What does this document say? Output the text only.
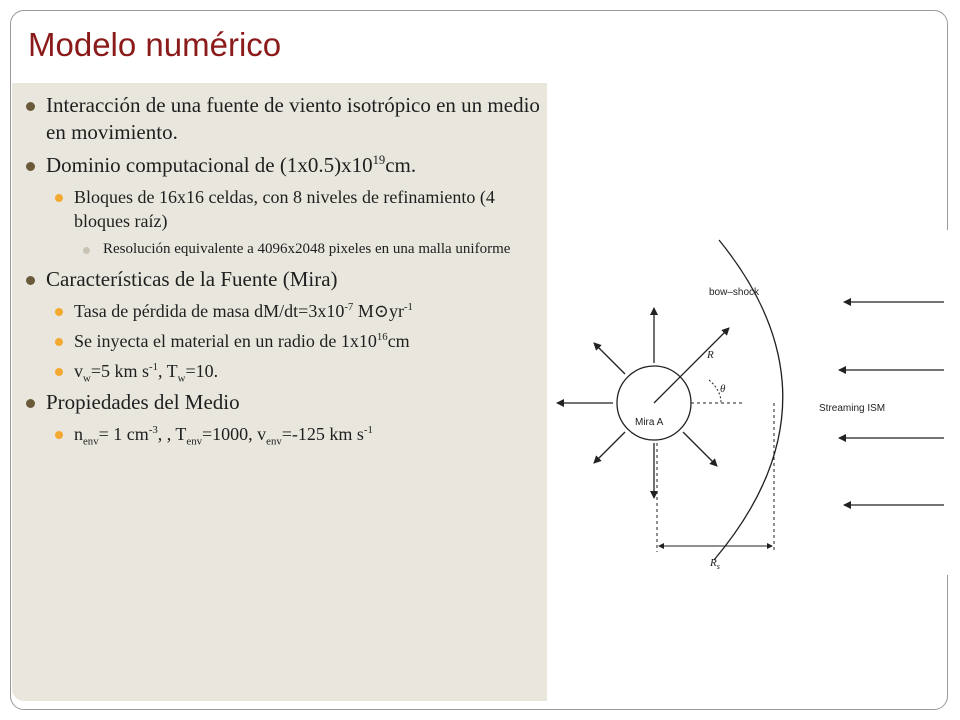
Modelo numérico
Interacción de una fuente de viento isotrópico en un medio en movimiento.
Dominio computacional de $(1x0.5)x10^{19}cm$.
Bloques de 16x16 celdas, con 8 niveles de refinamiento (4 bloques raíz)
Resolución equivalente a 4096x2048 pixeles en una malla uniforme
Características de la Fuente (Mira)
Tasa de pérdida de masa $dM/dt=3x10^{-7}$ $M⊙yr^{-1}$
Se inyecta el material en un radio de $1x10^{16}cm$
$v_w=5$ km $s^{-1}$, $T_w=10$.
Propiedades del Medio
$n_{env}= 1$ $cm^{-3}$, , $T_{env}=1000$, $v_{env}=-125$ km $s^{-1}$
bow–shock
R
θ
Mira A
Streaming ISM
$R_s$
